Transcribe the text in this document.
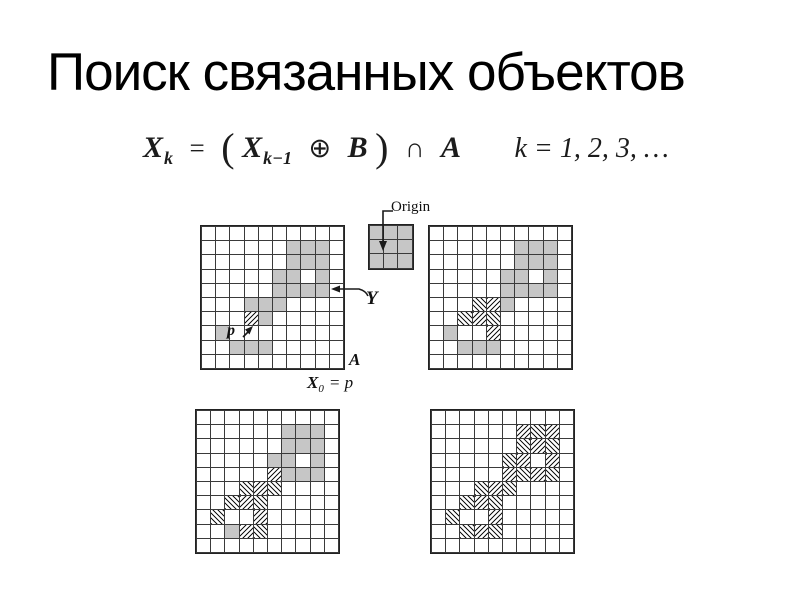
Поиск связанных объектов
$X_k$ = ( $X_{k-1}$ ⊕ B ) ∩ A k = 1, 2, 3, …
Origin
Y
A
$X_0 = p$
p
